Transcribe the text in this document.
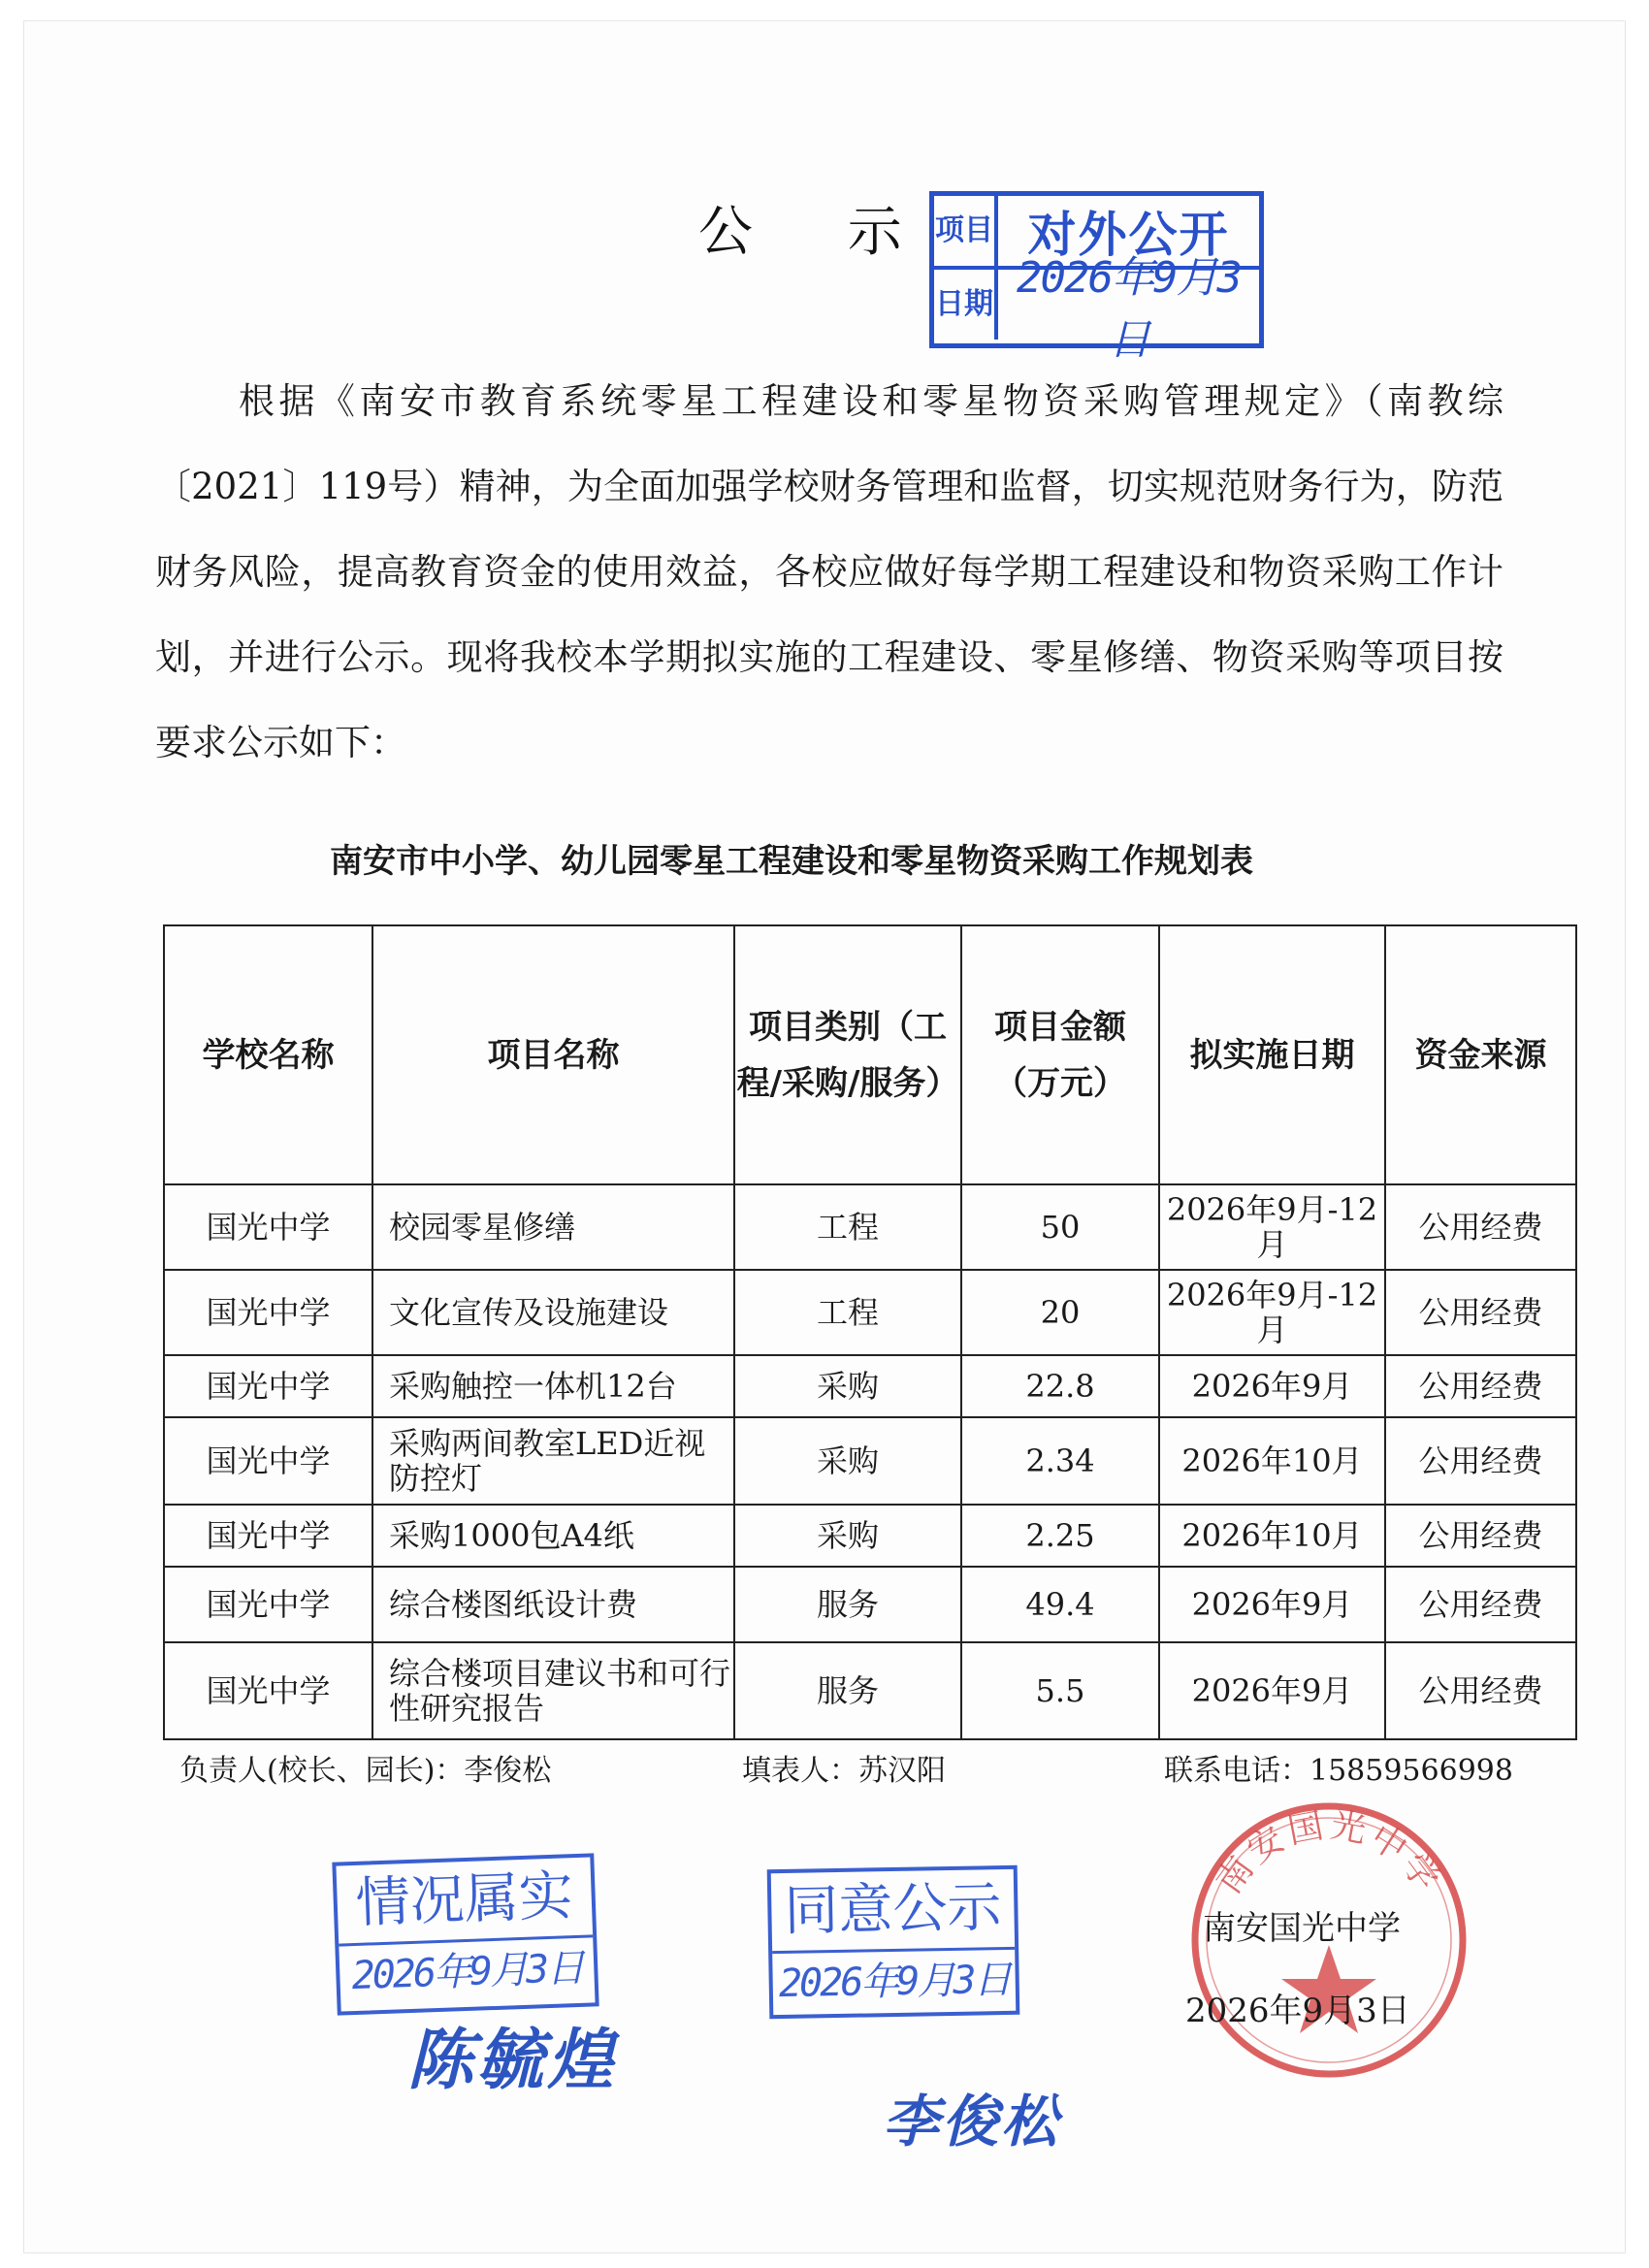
公 示
项目 对外公开
日期
2026年9月3日

根据《南安市教育系统零星工程建设和零星物资采购管理规定》（南教综〔2021〕119号）精神，为全面加强学校财务管理和监督，切实规范财务行为，防范财务风险，提高教育资金的使用效益，各校应做好每学期工程建设和物资采购工作计划，并进行公示。现将我校本学期拟实施的工程建设、零星修缮、物资采购等项目按要求公示如下：

南安市中小学、幼儿园零星工程建设和零星物资采购工作规划表
学校名称	项目名称	项目类别（工程/采购/服务）	项目金额（万元）	拟实施日期	资金来源
国光中学	校园零星修缮	工程	50	2026年9月-12月	公用经费
国光中学	文化宣传及设施建设	工程	20	2026年9月-12月	公用经费
国光中学	采购触控一体机12台	采购	22.8	2026年9月	公用经费
国光中学	采购两间教室LED近视防控灯	采购	2.34	2026年10月	公用经费
国光中学	采购1000包A4纸	采购	2.25	2026年10月	公用经费
国光中学	综合楼图纸设计费	服务	49.4	2026年9月	公用经费
国光中学	综合楼项目建议书和可行性研究报告	服务	5.5	2026年9月	公用经费
负责人(校长、园长)：李俊松	填表人：苏汉阳	联系电话：15859566998
情况属实
2026年9月3日
同意公示
2026年9月3日
陈毓煌
李俊松
南安国光中学
南安国光中学
2026年9月3日
